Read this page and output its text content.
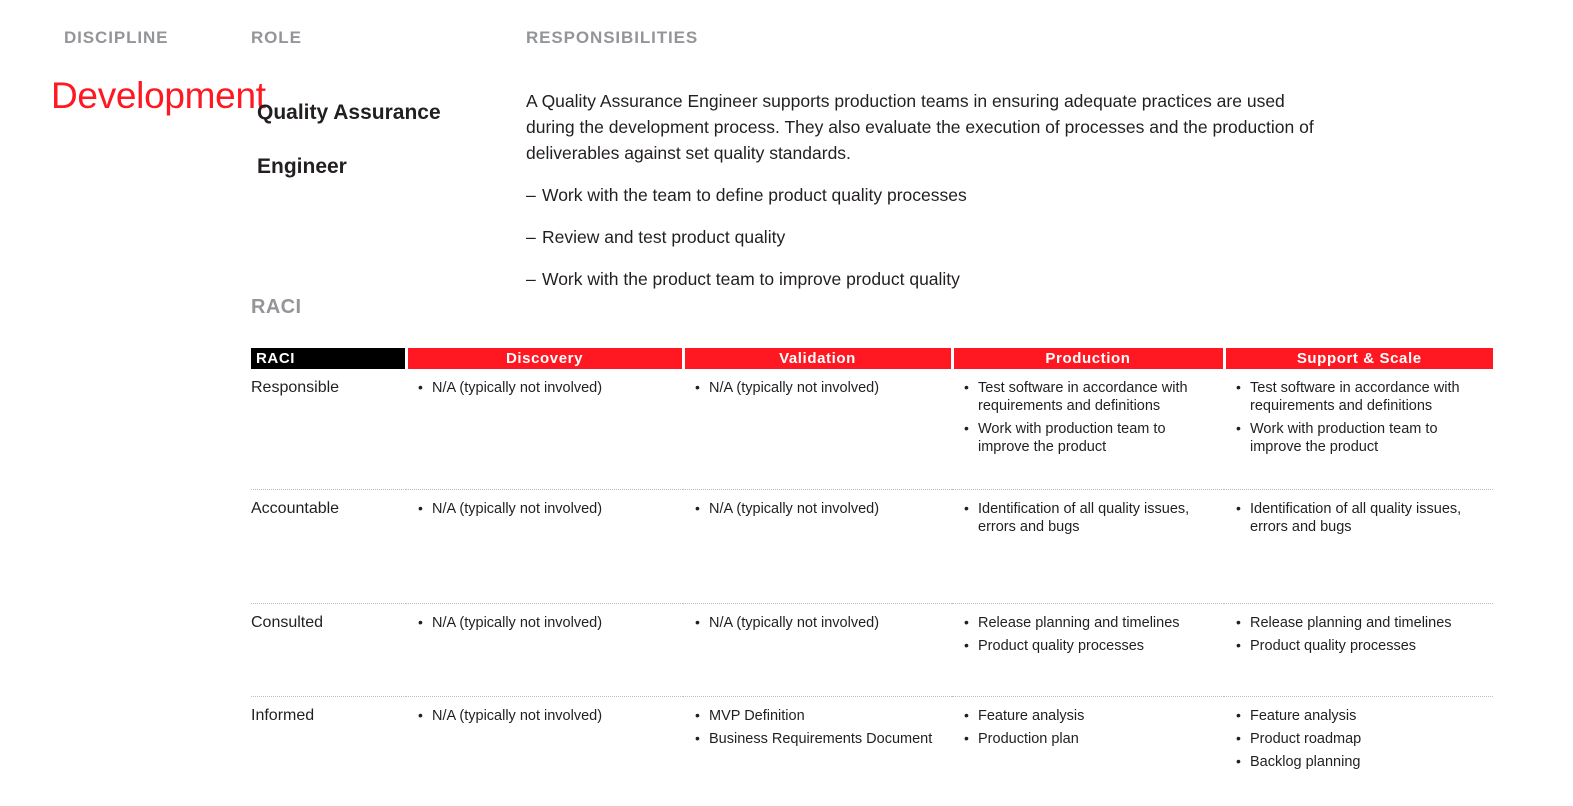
DISCIPLINE	ROLE	RESPONSIBILITIES
Development
Quality Assurance Engineer
A Quality Assurance Engineer supports production teams in ensuring adequate practices are used during the development process. They also evaluate the execution of processes and the production of deliverables against set quality standards.
– Work with the team to define product quality processes
– Review and test product quality
– Work with the product team to improve product quality
RACI
RACI	Discovery	Validation	Production	Support & Scale
Responsible	
•N/A (typically not involved)

•N/A (typically not involved)

•Test software in accordance with requirements and definitions
• Work with production team to improve the product

• Test software in accordance with requirements and definitions
• Work with production team to improve the product

Accountable	
•N/A (typically not involved)

•N/A (typically not involved)

•Identification of all quality issues, errors and bugs

• Identification of all quality issues, errors and bugs

Consulted	
•N/A (typically not involved)

•N/A (typically not involved)

•Release planning and timelines
• Product quality processes

• Release planning and timelines
• Product quality processes

Informed	
•N/A (typically not involved)

•MVP Definition
• Business Requirements Document

• Feature analysis
• Production plan

• Feature analysis
• Product roadmap
• Backlog planning
